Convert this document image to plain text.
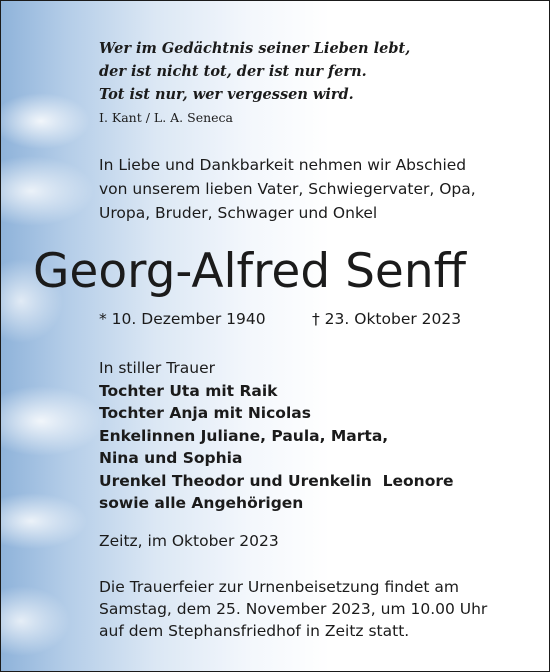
Wer im Gedächtnis seiner Lieben lebt,
der ist nicht tot, der ist nur fern.
Tot ist nur, wer vergessen wird.
I. Kant / L. A. Seneca
In Liebe und Dankbarkeit nehmen wir Abschied
von unserem lieben Vater, Schwiegervater, Opa,
Uropa, Bruder, Schwager und Onkel
Georg-Alfred Senff
* 10. Dezember 1940	† 23. Oktober 2023
In stiller Trauer
Tochter Uta mit Raik
Tochter Anja mit Nicolas
Enkelinnen Juliane, Paula, Marta,
Nina und Sophia
Urenkel Theodor und Urenkelin  Leonore
sowie alle Angehörigen
Zeitz, im Oktober 2023
Die Trauerfeier zur Urnenbeisetzung findet am
Samstag, dem 25. November 2023, um 10.00 Uhr
auf dem Stephansfriedhof in Zeitz statt.
